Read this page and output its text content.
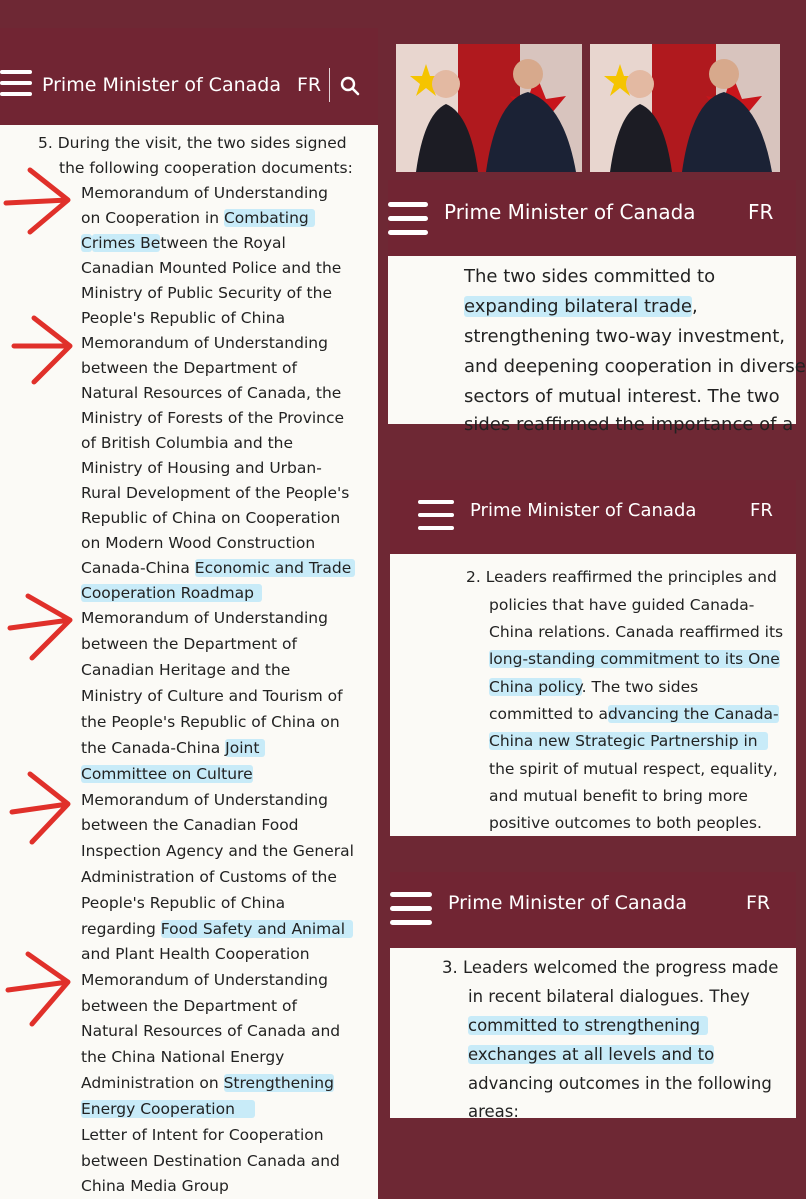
Prime Minister of Canada FR
5. During the visit, the two sides signed
the following cooperation documents:
Memorandum of Understanding
on Cooperation in Combating
Crimes Between the Royal
Canadian Mounted Police and the
Ministry of Public Security of the
People's Republic of China
Memorandum of Understanding
between the Department of
Natural Resources of Canada, the
Ministry of Forests of the Province
of British Columbia and the
Ministry of Housing and Urban-
Rural Development of the People's
Republic of China on Cooperation
on Modern Wood Construction
Canada-China Economic and Trade
Cooperation Roadmap
Memorandum of Understanding
between the Department of
Canadian Heritage and the
Ministry of Culture and Tourism of
the People's Republic of China on
the Canada-China Joint
Committee on Culture
Memorandum of Understanding
between the Canadian Food
Inspection Agency and the General
Administration of Customs of the
People's Republic of China
regarding Food Safety and Animal
and Plant Health Cooperation
Memorandum of Understanding
between the Department of
Natural Resources of Canada and
the China National Energy
Administration on Strengthening
Energy Cooperation
Letter of Intent for Cooperation
between Destination Canada and
China Media Group
Prime Minister of Canada	FR
The two sides committed to
expanding bilateral trade,
strengthening two-way investment,
and deepening cooperation in diverse
sectors of mutual interest. The two
sides reaffirmed the importance of a
Prime Minister of Canada	FR
2. Leaders reaffirmed the principles and
policies that have guided Canada-
China relations. Canada reaffirmed its
long-standing commitment to its One
China policy. The two sides
committed to advancing the Canada-
China new Strategic Partnership in
the spirit of mutual respect, equality,
and mutual benefit to bring more
positive outcomes to both peoples.
Prime Minister of Canada	FR
3. Leaders welcomed the progress made
in recent bilateral dialogues. They
committed to strengthening
exchanges at all levels and to
advancing outcomes in the following
areas:
